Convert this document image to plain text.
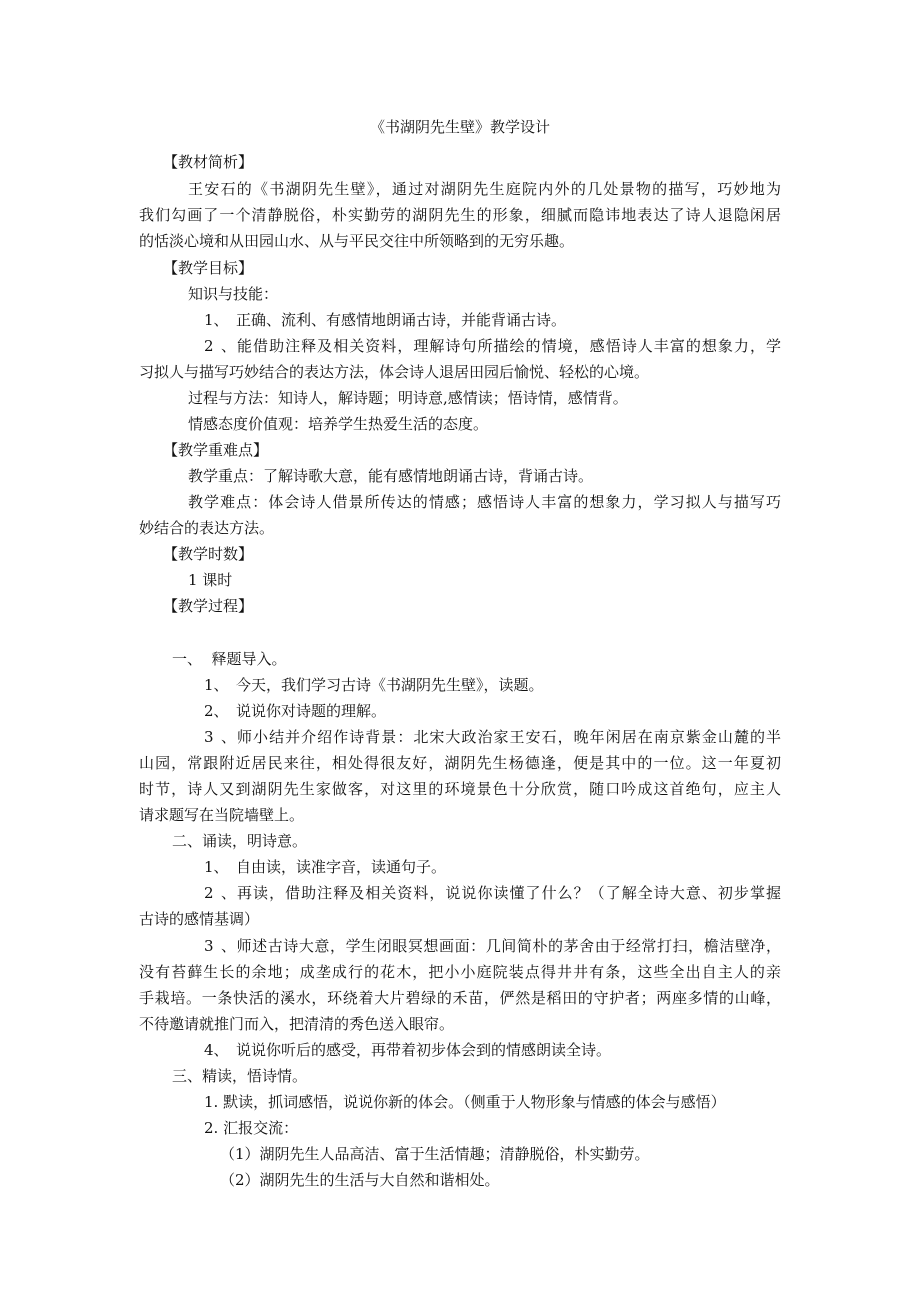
《书湖阴先生壁》教学设计
【教材简析】
王安石的《书湖阴先生壁》，通过对湖阴先生庭院内外的几处景物的描写，巧妙地为
我们勾画了一个清静脱俗，朴实勤劳的湖阴先生的形象，细腻而隐讳地表达了诗人退隐闲居
的恬淡心境和从田园山水、从与平民交往中所领略到的无穷乐趣。
【教学目标】
知识与技能：
1、 正确、流利、有感情地朗诵古诗，并能背诵古诗。
2、能借助注释及相关资料，理解诗句所描绘的情境，感悟诗人丰富的想象力，学
习拟人与描写巧妙结合的表达方法，体会诗人退居田园后愉悦、轻松的心境。
过程与方法：知诗人，解诗题；明诗意,感情读；悟诗情，感情背。
情感态度价值观：培养学生热爱生活的态度。
【教学重难点】
教学重点：了解诗歌大意，能有感情地朗诵古诗，背诵古诗。
教学难点：体会诗人借景所传达的情感；感悟诗人丰富的想象力，学习拟人与描写巧
妙结合的表达方法。
【教学时数】
1 课时
【教学过程】
一、  释题导入。
1、 今天，我们学习古诗《书湖阴先生壁》，读题。
2、 说说你对诗题的理解。
3、师小结并介绍作诗背景：北宋大政治家王安石，晚年闲居在南京紫金山麓的半
山园，常跟附近居民来往，相处得很友好，湖阴先生杨德逢，便是其中的一位。这一年夏初
时节，诗人又到湖阴先生家做客，对这里的环境景色十分欣赏，随口吟成这首绝句，应主人
请求题写在当院墙壁上。
二、诵读，明诗意。
1、 自由读，读准字音，读通句子。
2、再读，借助注释及相关资料，说说你读懂了什么？（了解全诗大意、初步掌握
古诗的感情基调）
3、师述古诗大意，学生闭眼冥想画面：几间简朴的茅舍由于经常打扫，檐洁壁净，
没有苔藓生长的余地；成垄成行的花木，把小小庭院装点得井井有条，这些全出自主人的亲
手栽培。一条快活的溪水，环绕着大片碧绿的禾苗，俨然是稻田的守护者；两座多情的山峰，
不待邀请就推门而入，把清清的秀色送入眼帘。
4、 说说你听后的感受，再带着初步体会到的情感朗读全诗。
三、精读，悟诗情。
1. 默读，抓词感悟，说说你新的体会。（侧重于人物形象与情感的体会与感悟）
2. 汇报交流：
（1）湖阴先生人品高洁、富于生活情趣；清静脱俗，朴实勤劳。
（2）湖阴先生的生活与大自然和谐相处。
